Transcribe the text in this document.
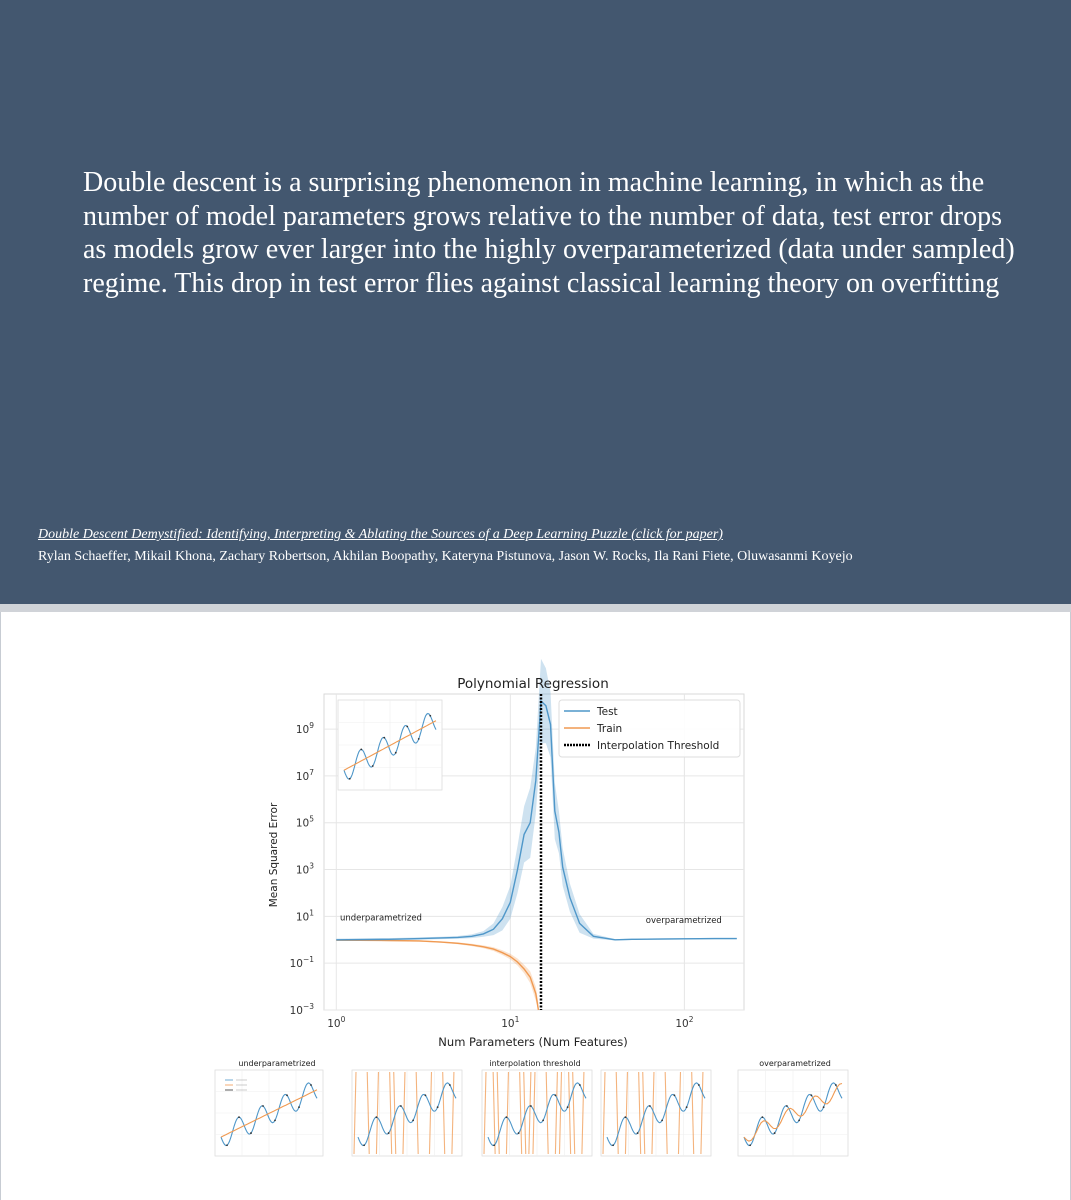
Double descent is a surprising phenomenon in machine learning, in which as the number of model parameters grows relative to the number of data, test error drops as models grow ever larger into the highly overparameterized (data under sampled) regime. This drop in test error flies against classical learning theory on overfitting

Double Descent Demystified: Identifying, Interpreting & Ablating the Sources of a Deep Learning Puzzle (click for paper)
Rylan Schaeffer, Mikail Khona, Zachary Robertson, Akhilan Boopathy, Kateryna Pistunova, Jason W. Rocks, Ila Rani Fiete, Oluwasanmi Koyejo
$10^9$
$10^7$
$10^5$
$10^3$
$10^1$
$10^{-1}$
$10^{-3}$
$10^0$	$10^1$	$10^2$
underparametrized	overparametrized
Test
Train
Interpolation Threshold
Polynomial Regression
Num Parameters (Num Features)
Mean Squared Error
underparametrized	interpolation threshold	overparametrized
